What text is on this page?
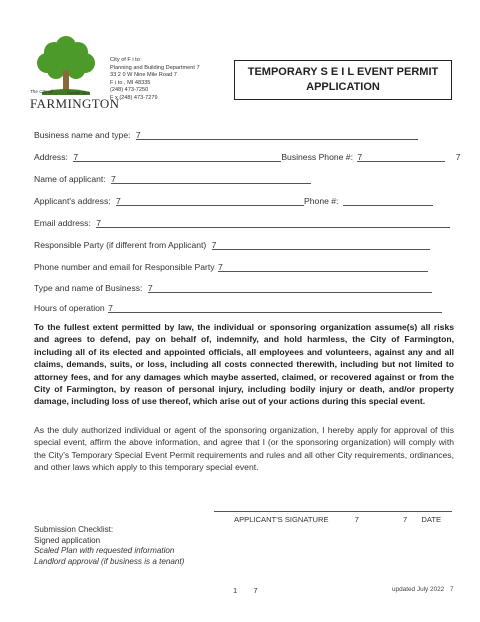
The City of	Founded 1824
FARMINGTON
City of F i to
Planning and Building Department 7
33 2 0 W Nine Mile Road 7
F i to , MI 48335
(248) 473-7250
F x (248) 473-7279
TEMPORARY S E I L EVENT PERMIT
APPLICATION
Business name and type: 7
Address: 7	Business Phone #: 7	7
Name of applicant: 7
Applicant's address: 7	Phone #:
Email address: 7
Responsible Party (if different from Applicant) 7
Phone number and email for Responsible Party 7
Type and name of Business: 7
Hours of operation 7
To the fullest extent permitted by law, the individual or sponsoring organization assume(s) all risks and agrees to defend, pay on behalf of, indemnify, and hold harmless, the City of Farmington, including all of its elected and appointed officials, all employees and volunteers, against any and all claims, demands, suits, or loss, including all costs connected therewith, including but not limited to attorney fees, and for any damages which maybe asserted, claimed, or recovered against or from the City of Farmington, by reason of personal injury, including bodily injury or death, and/or property damage, including loss of use thereof, which arise out of your actions during this special event.
As the duly authorized individual or agent of the sponsoring organization, I hereby apply for approval of this special event, affirm the above information, and agree that I (or the sponsoring organization) will comply with the City's Temporary Special Event Permit requirements and rules and all other City requirements, ordinances, and other laws which apply to this temporary special event.
APPLICANT'S SIGNATURE	7	7 DATE
Submission Checklist:
Signed application
Scaled Plan with requested information
Landlord approval (if business is a tenant)
1 7	updated July 2022 7
